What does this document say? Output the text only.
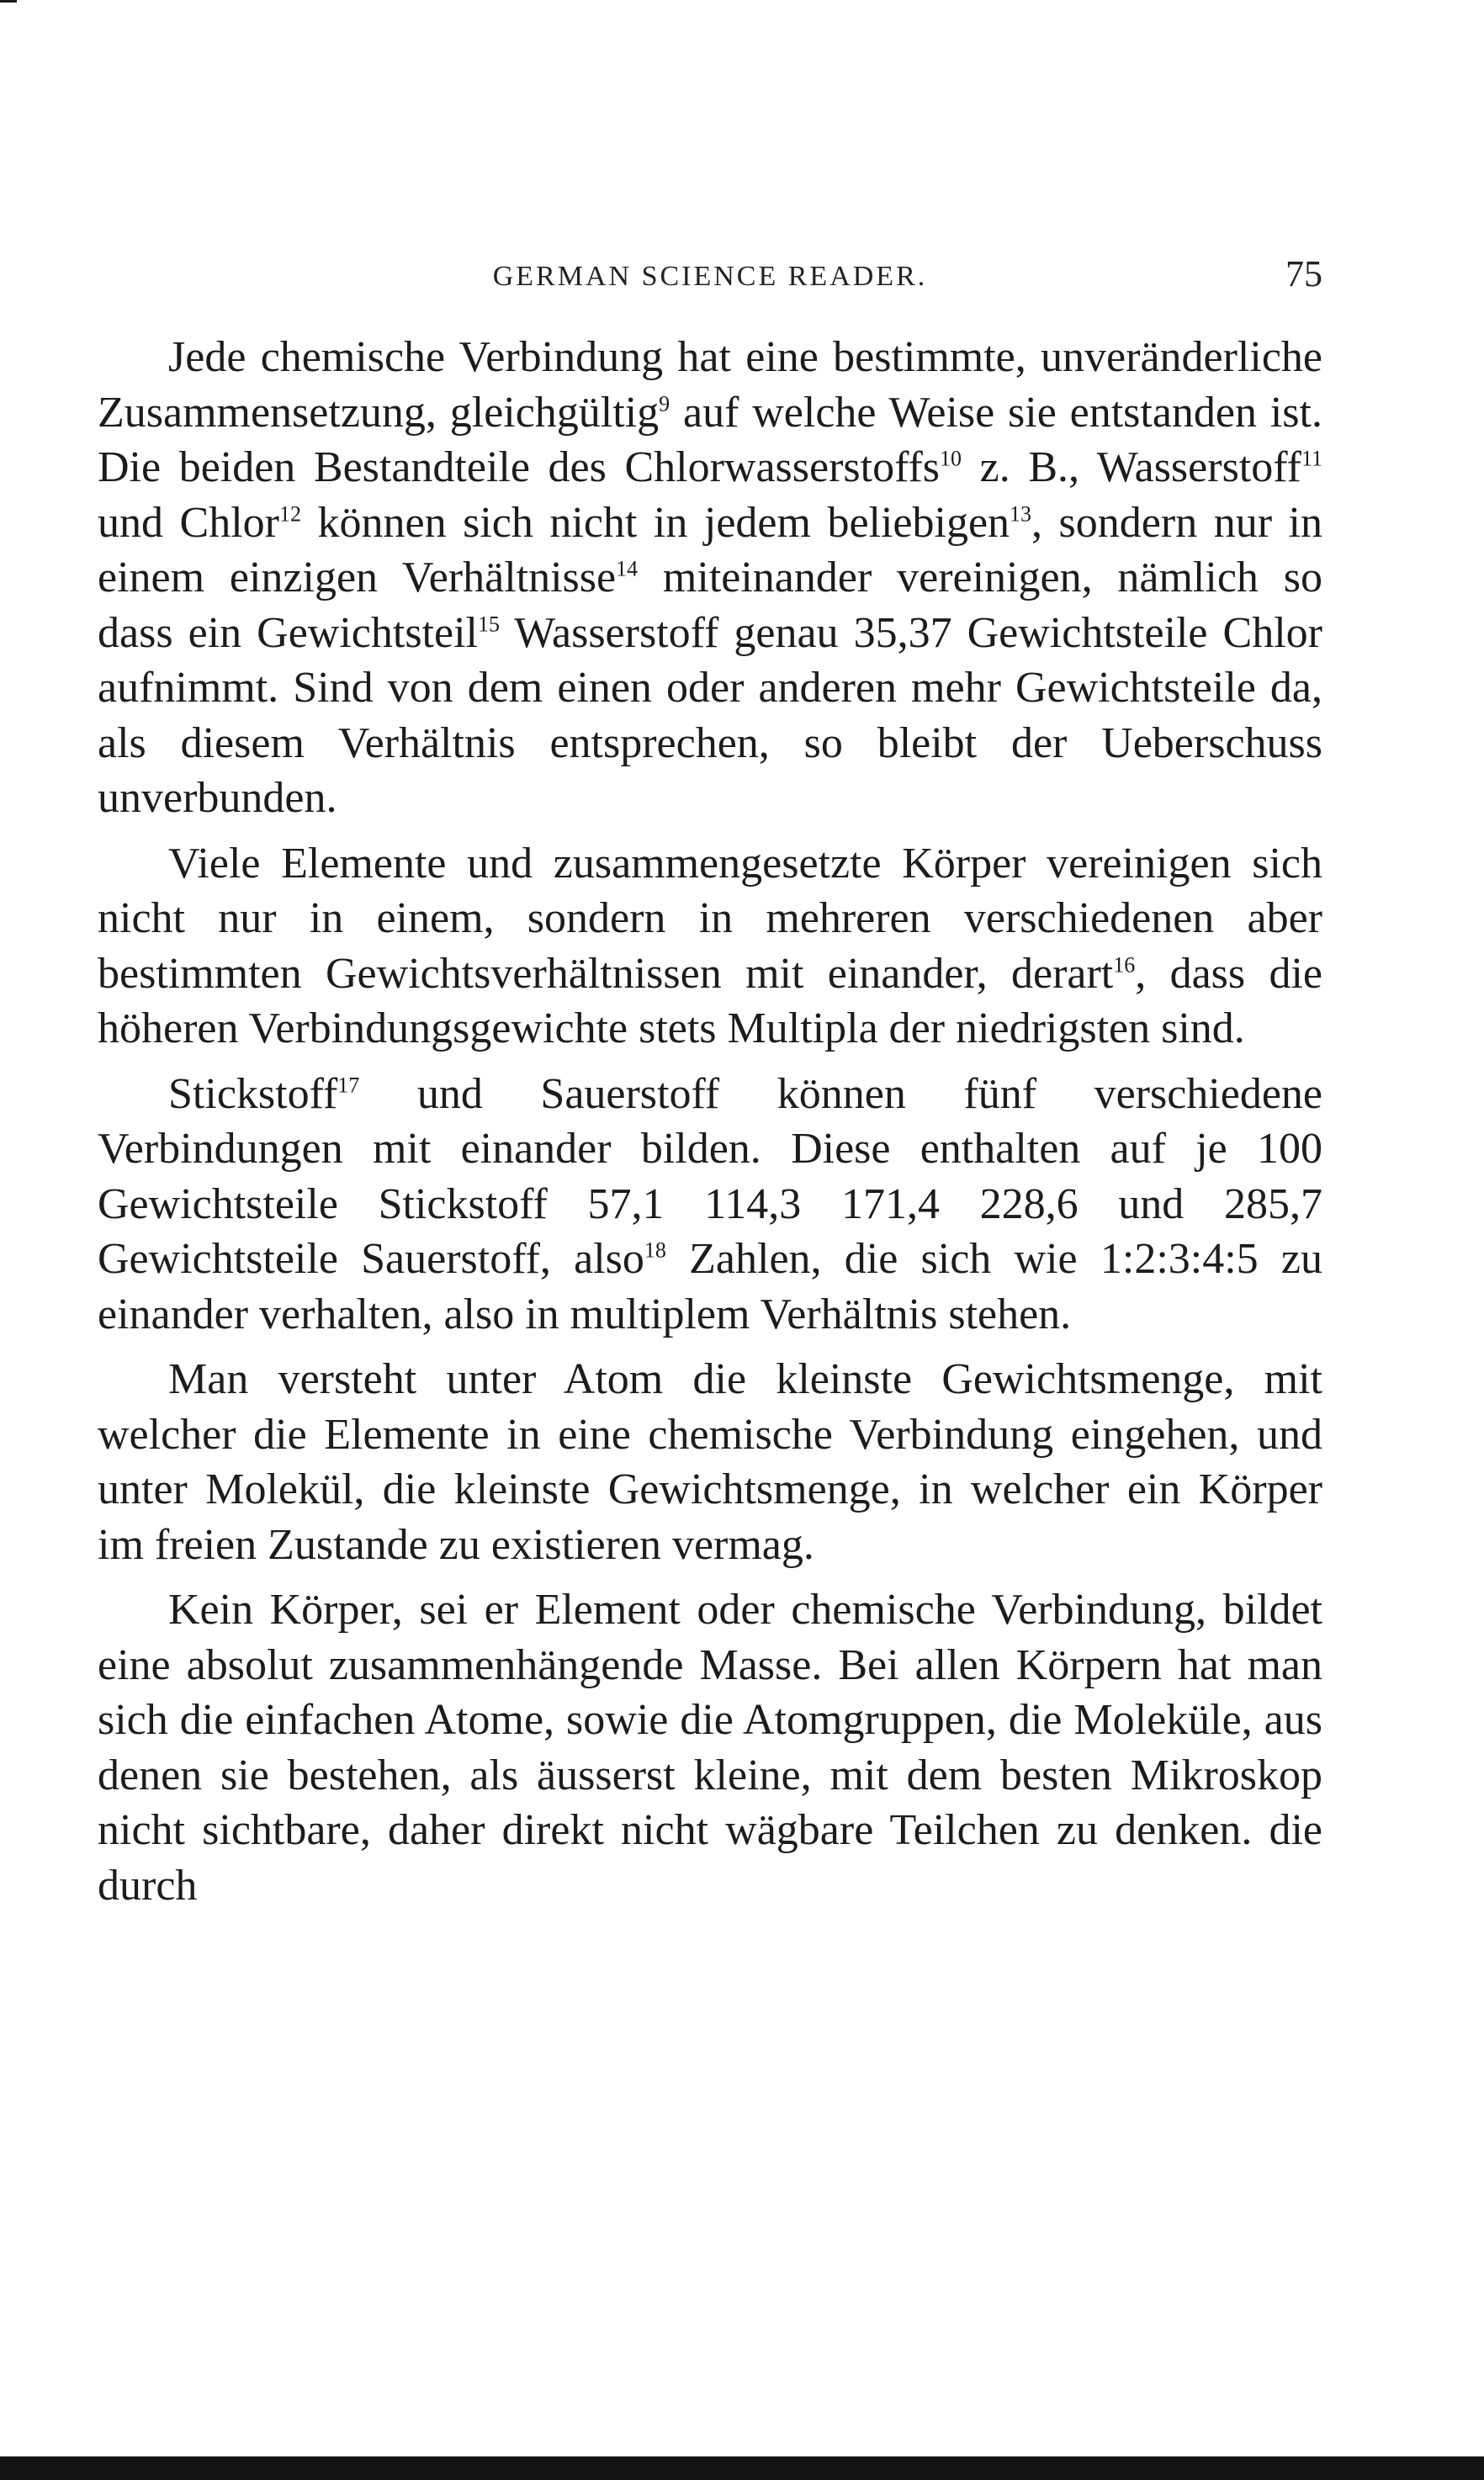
GERMAN SCIENCE READER.	75

Jede chemische Verbindung hat eine bestimmte, unveränderliche Zusammensetzung, gleichgültig$^9$ auf welche Weise sie entstanden ist. Die beiden Bestandteile des Chlorwasserstoffs$^{10}$ z. B., Wasserstoff$^{11}$ und Chlor$^{12}$ können sich nicht in jedem beliebigen$^{13}$, sondern nur in einem einzigen Verhältnisse$^{14}$ miteinander vereinigen, nämlich so dass ein Gewichtsteil$^{15}$ Wasserstoff genau 35,37 Gewichtsteile Chlor aufnimmt. Sind von dem einen oder anderen mehr Gewichtsteile da, als diesem Verhältnis entsprechen, so bleibt der Ueberschuss unverbunden.

Viele Elemente und zusammengesetzte Körper vereinigen sich nicht nur in einem, sondern in mehreren verschiedenen aber bestimmten Gewichtsverhältnissen mit einander, derart$^{16}$, dass die höheren Verbindungsgewichte stets Multipla der niedrigsten sind.

Stickstoff$^{17}$ und Sauerstoff können fünf verschiedene Verbindungen mit einander bilden. Diese enthalten auf je 100 Gewichtsteile Stickstoff 57,1 114,3 171,4 228,6 und 285,7 Gewichtsteile Sauerstoff, also$^{18}$ Zahlen, die sich wie 1:2:3:4:5 zu einander verhalten, also in multiplem Verhältnis stehen.

Man versteht unter Atom die kleinste Gewichtsmenge, mit welcher die Elemente in eine chemische Verbindung eingehen, und unter Molekül, die kleinste Gewichtsmenge, in welcher ein Körper im freien Zustande zu existieren vermag.

Kein Körper, sei er Element oder chemische Verbindung, bildet eine absolut zusammenhängende Masse. Bei allen Körpern hat man sich die einfachen Atome, sowie die Atomgruppen, die Moleküle, aus denen sie bestehen, als äusserst kleine, mit dem besten Mikroskop nicht sichtbare, daher direkt nicht wägbare Teilchen zu denken. die durch
